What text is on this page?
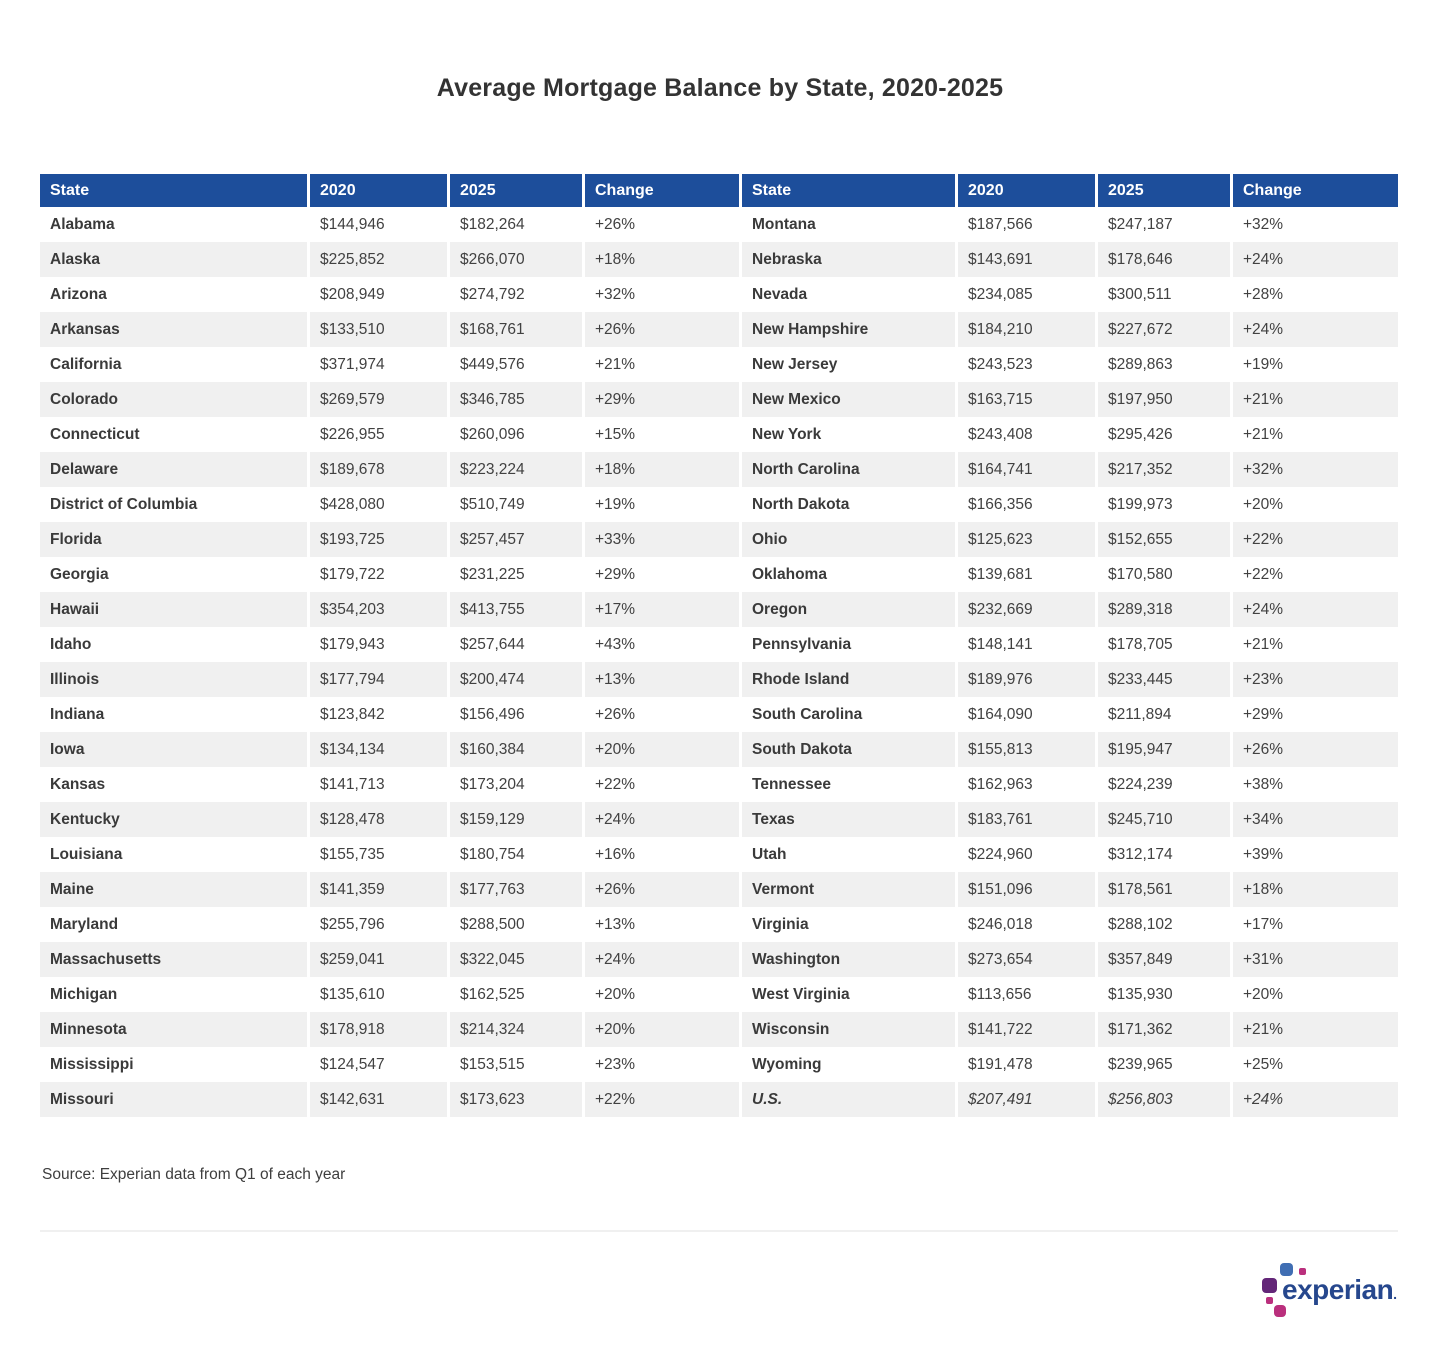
Average Mortgage Balance by State, 2020-2025
State	2020	2025	Change	State	2020	2025	Change
Alabama	$144,946	$182,264	+26%	Montana	$187,566	$247,187	+32%
Alaska	$225,852	$266,070	+18%	Nebraska	$143,691	$178,646	+24%
Arizona	$208,949	$274,792	+32%	Nevada	$234,085	$300,511	+28%
Arkansas	$133,510	$168,761	+26%	New Hampshire	$184,210	$227,672	+24%
California	$371,974	$449,576	+21%	New Jersey	$243,523	$289,863	+19%
Colorado	$269,579	$346,785	+29%	New Mexico	$163,715	$197,950	+21%
Connecticut	$226,955	$260,096	+15%	New York	$243,408	$295,426	+21%
Delaware	$189,678	$223,224	+18%	North Carolina	$164,741	$217,352	+32%
District of Columbia	$428,080	$510,749	+19%	North Dakota	$166,356	$199,973	+20%
Florida	$193,725	$257,457	+33%	Ohio	$125,623	$152,655	+22%
Georgia	$179,722	$231,225	+29%	Oklahoma	$139,681	$170,580	+22%
Hawaii	$354,203	$413,755	+17%	Oregon	$232,669	$289,318	+24%
Idaho	$179,943	$257,644	+43%	Pennsylvania	$148,141	$178,705	+21%
Illinois	$177,794	$200,474	+13%	Rhode Island	$189,976	$233,445	+23%
Indiana	$123,842	$156,496	+26%	South Carolina	$164,090	$211,894	+29%
Iowa	$134,134	$160,384	+20%	South Dakota	$155,813	$195,947	+26%
Kansas	$141,713	$173,204	+22%	Tennessee	$162,963	$224,239	+38%
Kentucky	$128,478	$159,129	+24%	Texas	$183,761	$245,710	+34%
Louisiana	$155,735	$180,754	+16%	Utah	$224,960	$312,174	+39%
Maine	$141,359	$177,763	+26%	Vermont	$151,096	$178,561	+18%
Maryland	$255,796	$288,500	+13%	Virginia	$246,018	$288,102	+17%
Massachusetts	$259,041	$322,045	+24%	Washington	$273,654	$357,849	+31%
Michigan	$135,610	$162,525	+20%	West Virginia	$113,656	$135,930	+20%
Minnesota	$178,918	$214,324	+20%	Wisconsin	$141,722	$171,362	+21%
Mississippi	$124,547	$153,515	+23%	Wyoming	$191,478	$239,965	+25%
Missouri	$142,631	$173,623	+22%	U.S.	$207,491	$256,803	+24%
Source: Experian data from Q1 of each year
experian.
